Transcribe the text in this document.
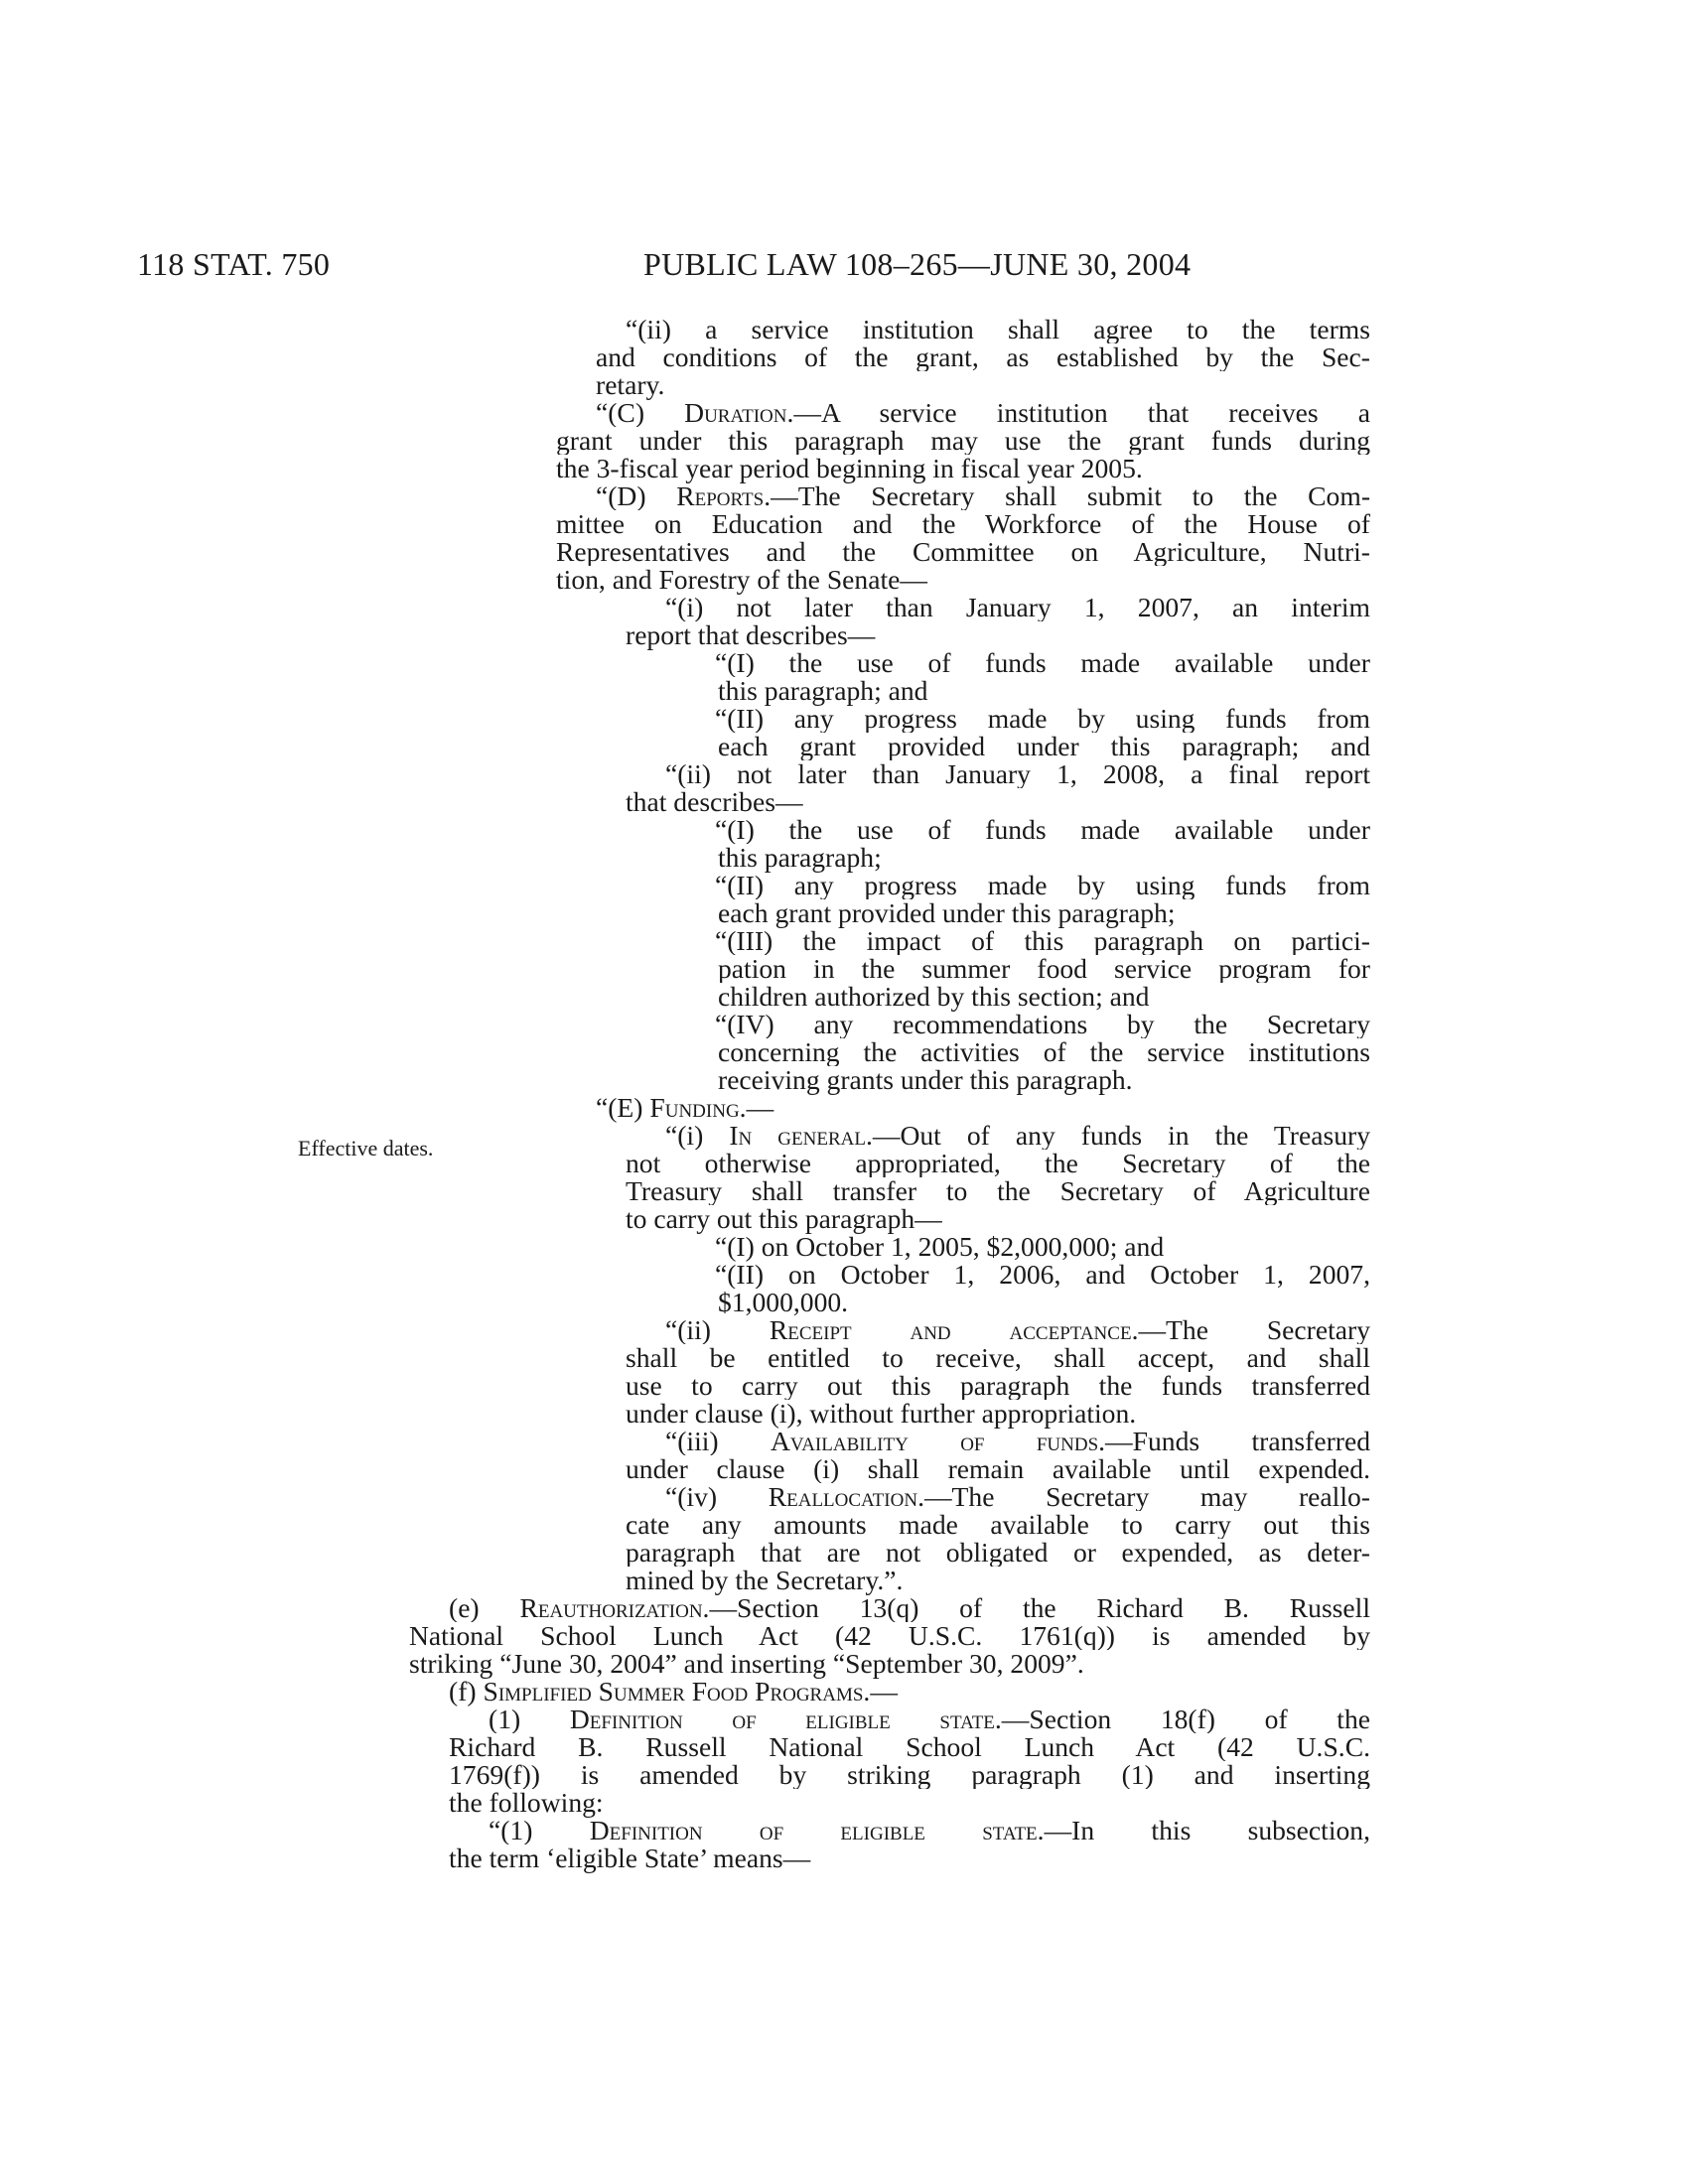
118 STAT. 750	PUBLIC LAW 108–265—JUNE 30, 2004
Effective dates.
“(ii) a service institution shall agree to the terms
and conditions of the grant, as established by the Sec-
retary.
“(C) Duration.—A service institution that receives a
grant under this paragraph may use the grant funds during
the 3-fiscal year period beginning in fiscal year 2005.
“(D) Reports.—The Secretary shall submit to the Com-
mittee on Education and the Workforce of the House of
Representatives and the Committee on Agriculture, Nutri-
tion, and Forestry of the Senate—
“(i) not later than January 1, 2007, an interim
report that describes—
“(I) the use of funds made available under
this paragraph; and
“(II) any progress made by using funds from
each grant provided under this paragraph; and
“(ii) not later than January 1, 2008, a final report
that describes—
“(I) the use of funds made available under
this paragraph;
“(II) any progress made by using funds from
each grant provided under this paragraph;
“(III) the impact of this paragraph on partici-
pation in the summer food service program for
children authorized by this section; and
“(IV) any recommendations by the Secretary
concerning the activities of the service institutions
receiving grants under this paragraph.
“(E) Funding.—
“(i) In general.—Out of any funds in the Treasury
not otherwise appropriated, the Secretary of the
Treasury shall transfer to the Secretary of Agriculture
to carry out this paragraph—
“(I) on October 1, 2005, $2,000,000; and
“(II) on October 1, 2006, and October 1, 2007,
$1,000,000.
“(ii) Receipt and acceptance.—The Secretary
shall be entitled to receive, shall accept, and shall
use to carry out this paragraph the funds transferred
under clause (i), without further appropriation.
“(iii) Availability of funds.—Funds transferred
under clause (i) shall remain available until expended.
“(iv) Reallocation.—The Secretary may reallo-
cate any amounts made available to carry out this
paragraph that are not obligated or expended, as deter-
mined by the Secretary.”.
(e) Reauthorization.—Section 13(q) of the Richard B. Russell
National School Lunch Act (42 U.S.C. 1761(q)) is amended by
striking “June 30, 2004” and inserting “September 30, 2009”.
(f) Simplified Summer Food Programs.—
(1) Definition of eligible state.—Section 18(f) of the
Richard B. Russell National School Lunch Act (42 U.S.C.
1769(f)) is amended by striking paragraph (1) and inserting
the following:
“(1) Definition of eligible state.—In this subsection,
the term ‘eligible State’ means—
